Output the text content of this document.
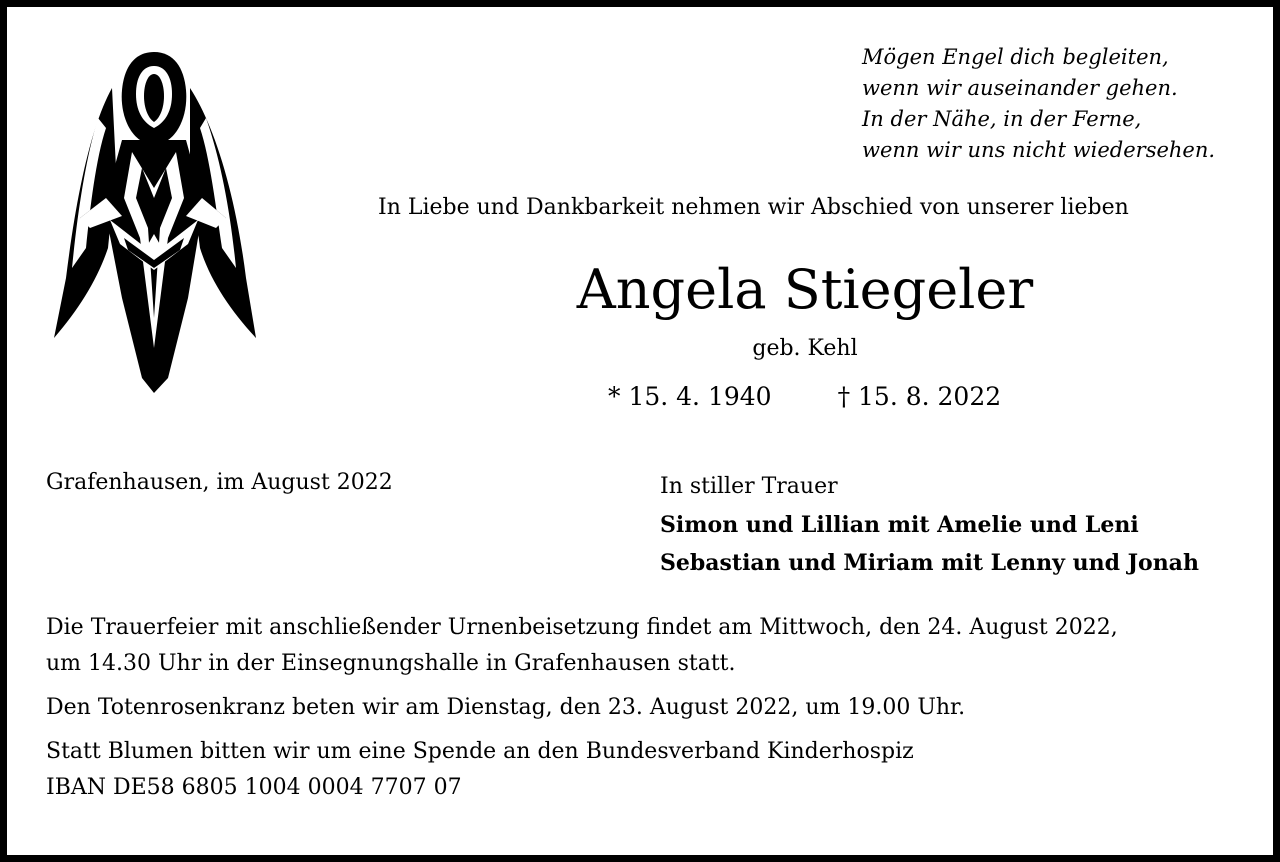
Mögen Engel dich begleiten,
wenn wir auseinander gehen.
In der Nähe, in der Ferne,
wenn wir uns nicht wiedersehen.
In Liebe und Dankbarkeit nehmen wir Abschied von unserer lieben
Angela Stiegeler
geb. Kehl
* 15. 4. 1940	† 15. 8. 2022
Grafenhausen, im August 2022	In stiller Trauer
Simon und Lillian mit Amelie und Leni
Sebastian und Miriam mit Lenny und Jonah
Die Trauerfeier mit anschließender Urnenbeisetzung findet am Mittwoch, den 24. August 2022,
um 14.30 Uhr in der Einsegnungshalle in Grafenhausen statt.
Den Totenrosenkranz beten wir am Dienstag, den 23. August 2022, um 19.00 Uhr.
Statt Blumen bitten wir um eine Spende an den Bundesverband Kinderhospiz
IBAN DE58 6805 1004 0004 7707 07
